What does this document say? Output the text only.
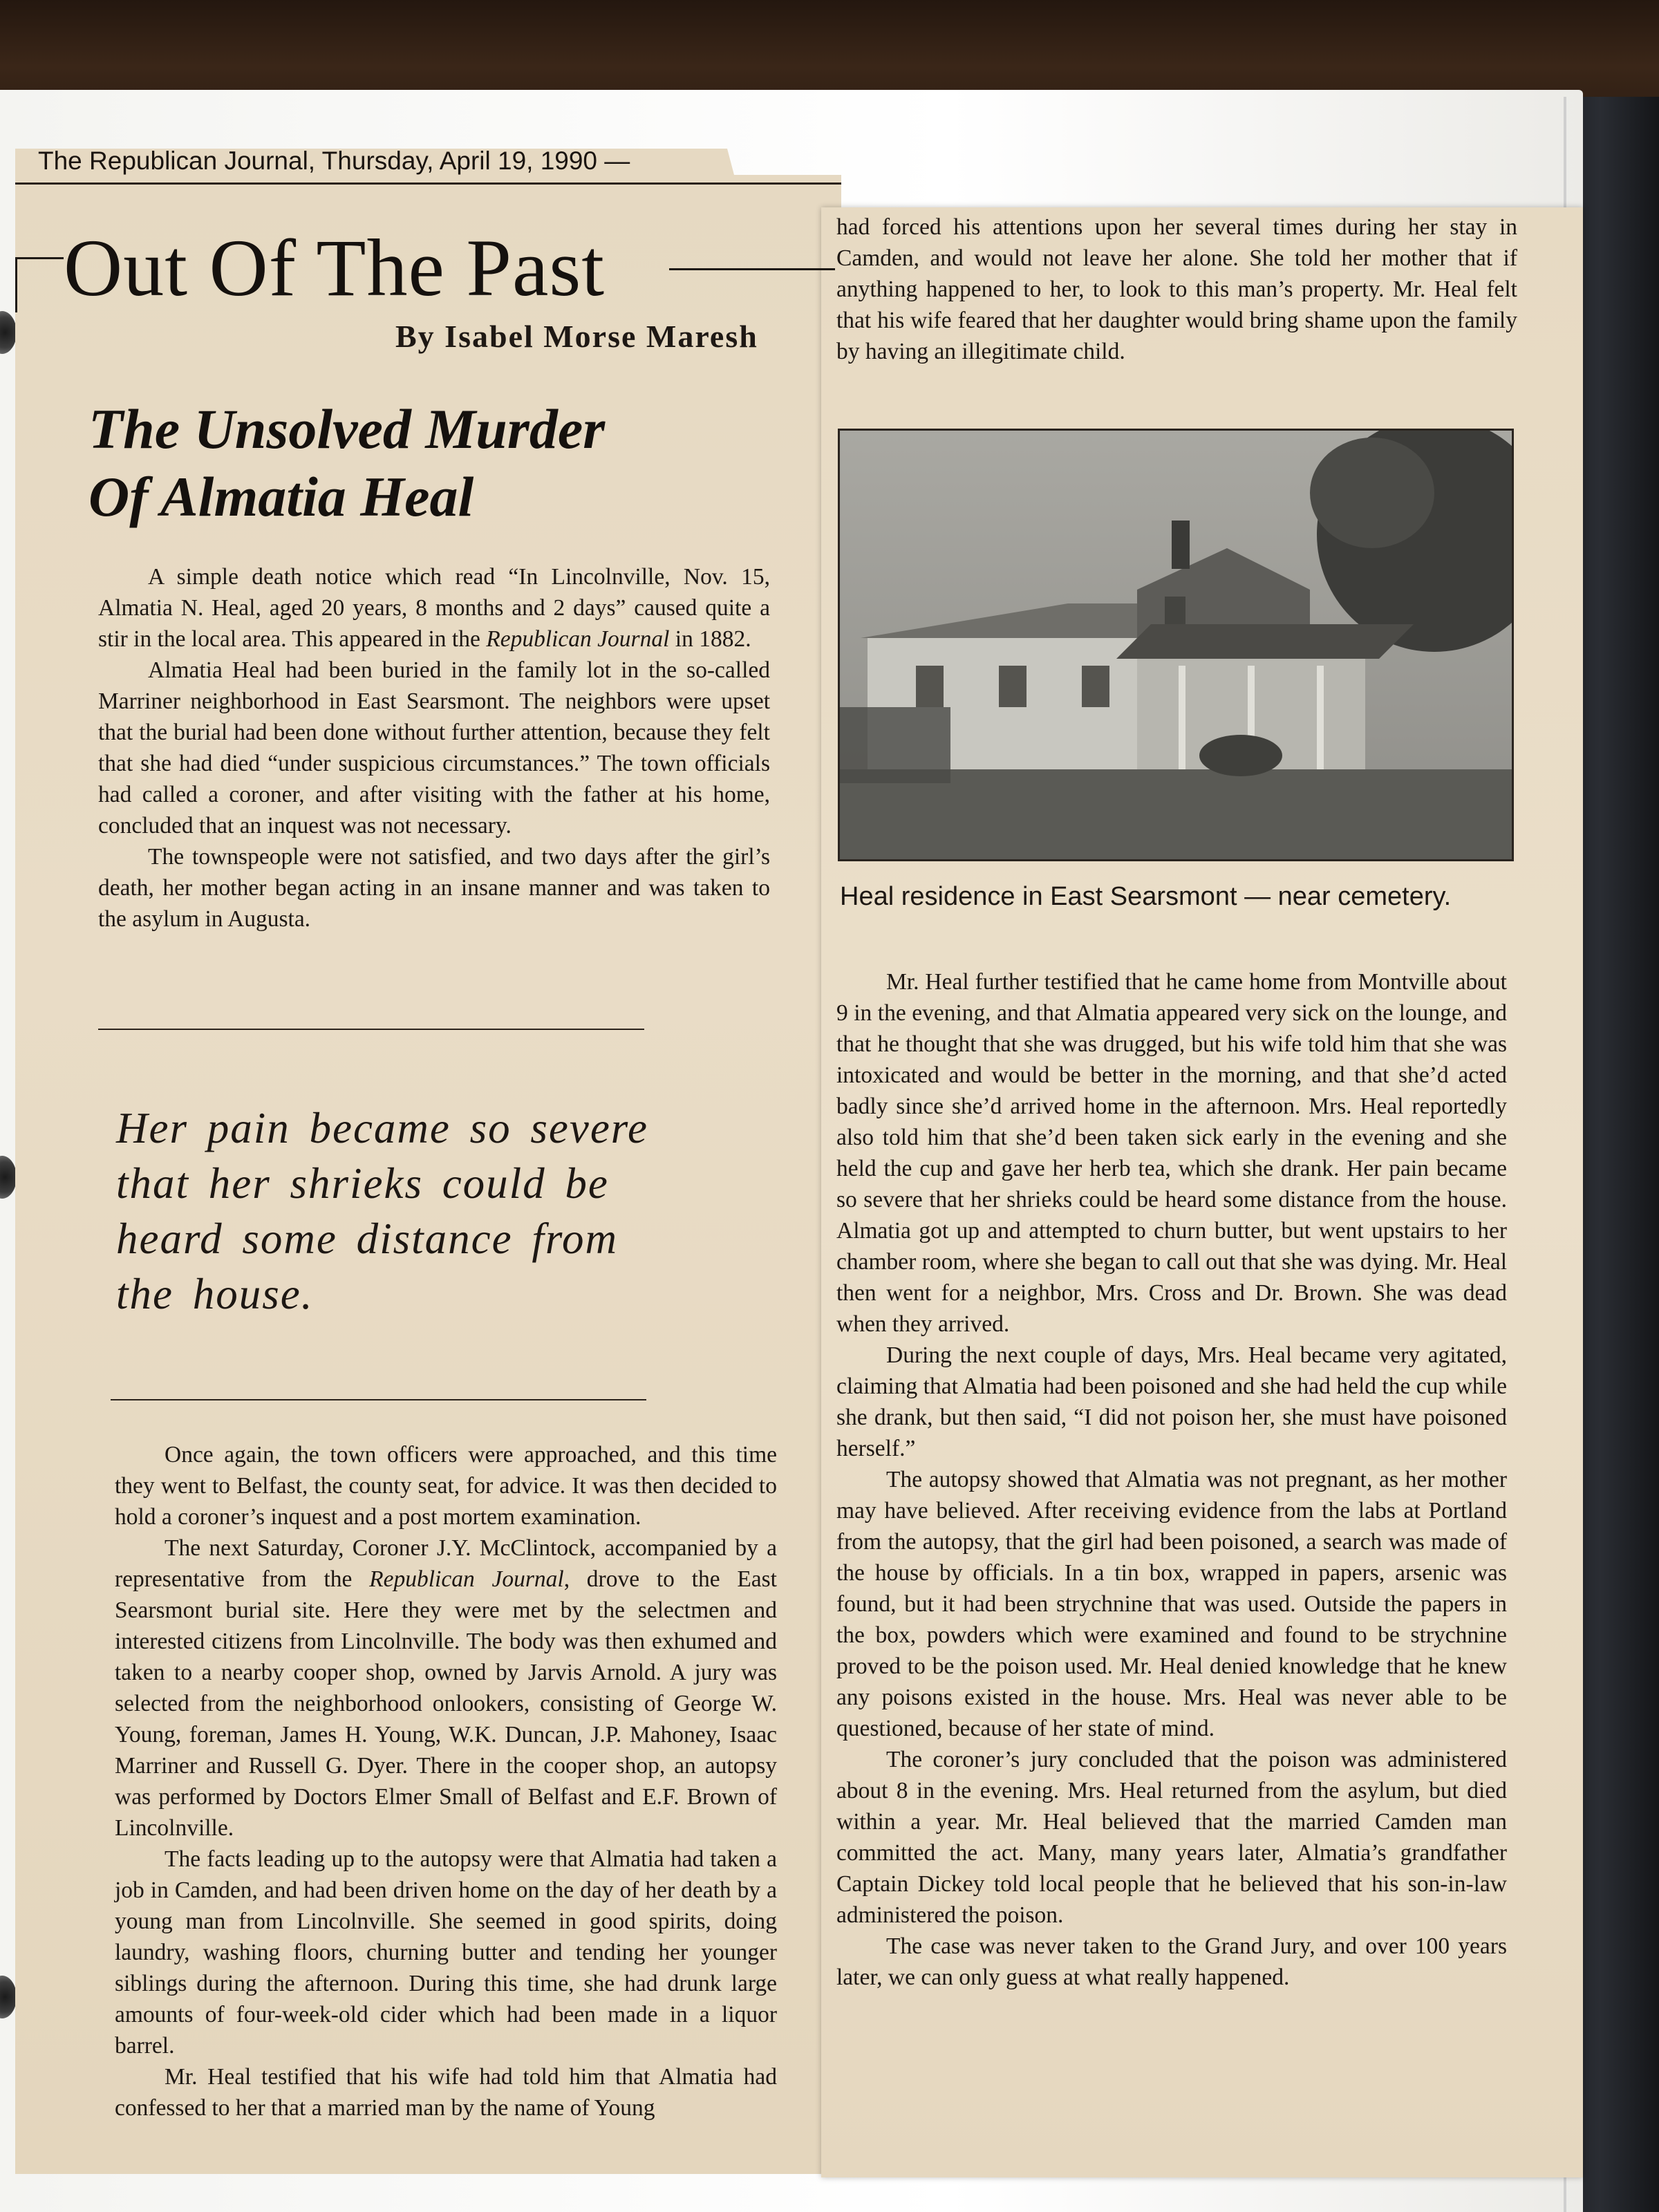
The Republican Journal, Thursday, April 19, 1990 —
Out Of The Past
By Isabel Morse Maresh
The Unsolved Murder
Of Almatia Heal

A simple death notice which read “In Lincolnville, Nov. 15, Almatia N. Heal, aged 20 years, 8 months and 2 days” caused quite a stir in the local area. This appeared in the Republican Journal in 1882.

Almatia Heal had been buried in the family lot in the so-called Marriner neighborhood in East Searsmont. The neighbors were upset that the burial had been done without further attention, because they felt that she had died “under suspicious circumstances.” The town officials had called a coroner, and after visiting with the father at his home, concluded that an inquest was not necessary.

The townspeople were not satisfied, and two days after the girl’s death, her mother began acting in an insane manner and was taken to the asylum in Augusta.

Her pain became so severe that her shrieks could be heard some distance from the house.

Once again, the town officers were approached, and this time they went to Belfast, the county seat, for advice. It was then decided to hold a coroner’s inquest and a post mortem examination.

The next Saturday, Coroner J.Y. McClintock, accompanied by a representative from the Republican Journal, drove to the East Searsmont burial site. Here they were met by the selectmen and interested citizens from Lincolnville. The body was then exhumed and taken to a nearby cooper shop, owned by Jarvis Arnold. A jury was selected from the neighborhood onlookers, consisting of George W. Young, foreman, James H. Young, W.K. Duncan, J.P. Mahoney, Isaac Marriner and Russell G. Dyer. There in the cooper shop, an autopsy was performed by Doctors Elmer Small of Belfast and E.F. Brown of Lincolnville.

The facts leading up to the autopsy were that Almatia had taken a job in Camden, and had been driven home on the day of her death by a young man from Lincolnville. She seemed in good spirits, doing laundry, washing floors, churning butter and tending her younger siblings during the afternoon. During this time, she had drunk large amounts of four-week-old cider which had been made in a liquor barrel.

Mr. Heal testified that his wife had told him that Almatia had confessed to her that a married man by the name of Young

had forced his attentions upon her several times during her stay in Camden, and would not leave her alone. She told her mother that if anything happened to her, to look to this man’s property. Mr. Heal felt that his wife feared that her daughter would bring shame upon the family by having an illegitimate child.

Heal residence in East Searsmont — near cemetery.

Mr. Heal further testified that he came home from Montville about 9 in the evening, and that Almatia appeared very sick on the lounge, and that he thought that she was drugged, but his wife told him that she was intoxicated and would be better in the morning, and that she’d acted badly since she’d arrived home in the afternoon. Mrs. Heal reportedly also told him that she’d been taken sick early in the evening and she held the cup and gave her herb tea, which she drank. Her pain became so severe that her shrieks could be heard some distance from the house. Almatia got up and attempted to churn butter, but went upstairs to her chamber room, where she began to call out that she was dying. Mr. Heal then went for a neighbor, Mrs. Cross and Dr. Brown. She was dead when they arrived.

During the next couple of days, Mrs. Heal became very agitated, claiming that Almatia had been poisoned and she had held the cup while she drank, but then said, “I did not poison her, she must have poisoned herself.”

The autopsy showed that Almatia was not pregnant, as her mother may have believed. After receiving evidence from the labs at Portland from the autopsy, that the girl had been poisoned, a search was made of the house by officials. In a tin box, wrapped in papers, arsenic was found, but it had been strychnine that was used. Outside the papers in the box, powders which were examined and found to be strychnine proved to be the poison used. Mr. Heal denied knowledge that he knew any poisons existed in the house. Mrs. Heal was never able to be questioned, because of her state of mind.

The coroner’s jury concluded that the poison was administered about 8 in the evening. Mrs. Heal returned from the asylum, but died within a year. Mr. Heal believed that the married Camden man committed the act. Many, many years later, Almatia’s grandfather Captain Dickey told local people that he believed that his son-in-law administered the poison.

The case was never taken to the Grand Jury, and over 100 years later, we can only guess at what really happened.
